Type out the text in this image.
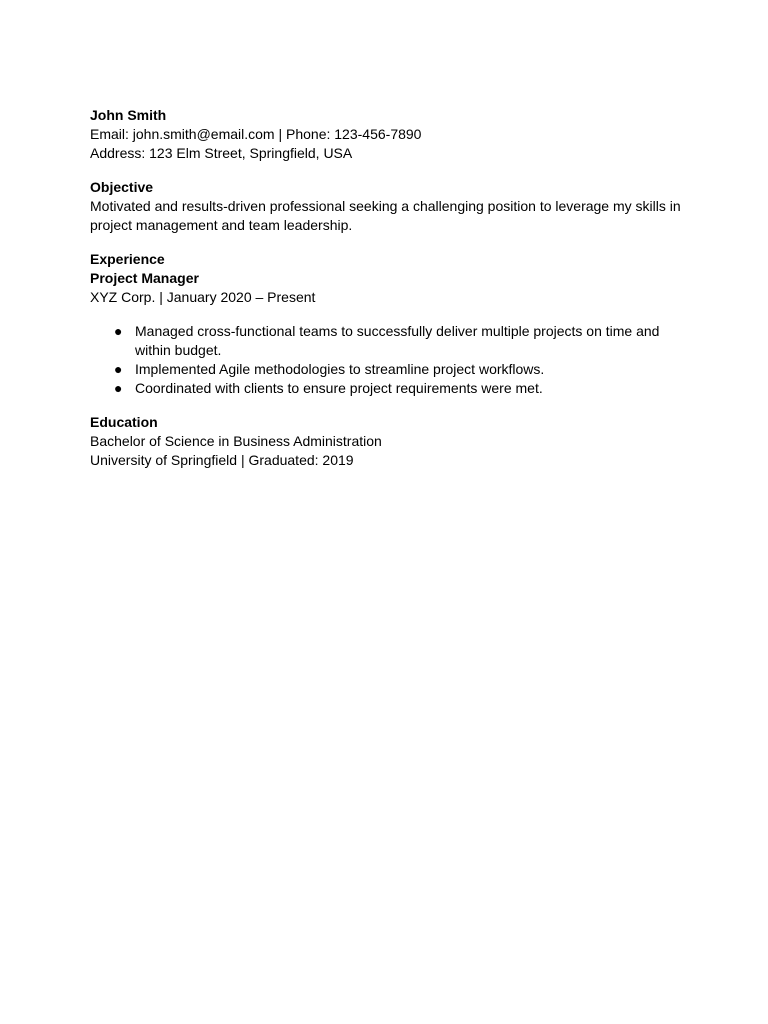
John Smith
Email: john.smith@email.com | Phone: 123-456-7890
Address: 123 Elm Street, Springfield, USA
Objective
Motivated and results-driven professional seeking a challenging position to leverage my skills in project management and team leadership.
Experience
Project Manager
XYZ Corp. | January 2020 – Present
● Managed cross-functional teams to successfully deliver multiple projects on time and within budget.
● Implemented Agile methodologies to streamline project workflows.
● Coordinated with clients to ensure project requirements were met.
Education
Bachelor of Science in Business Administration
University of Springfield | Graduated: 2019
